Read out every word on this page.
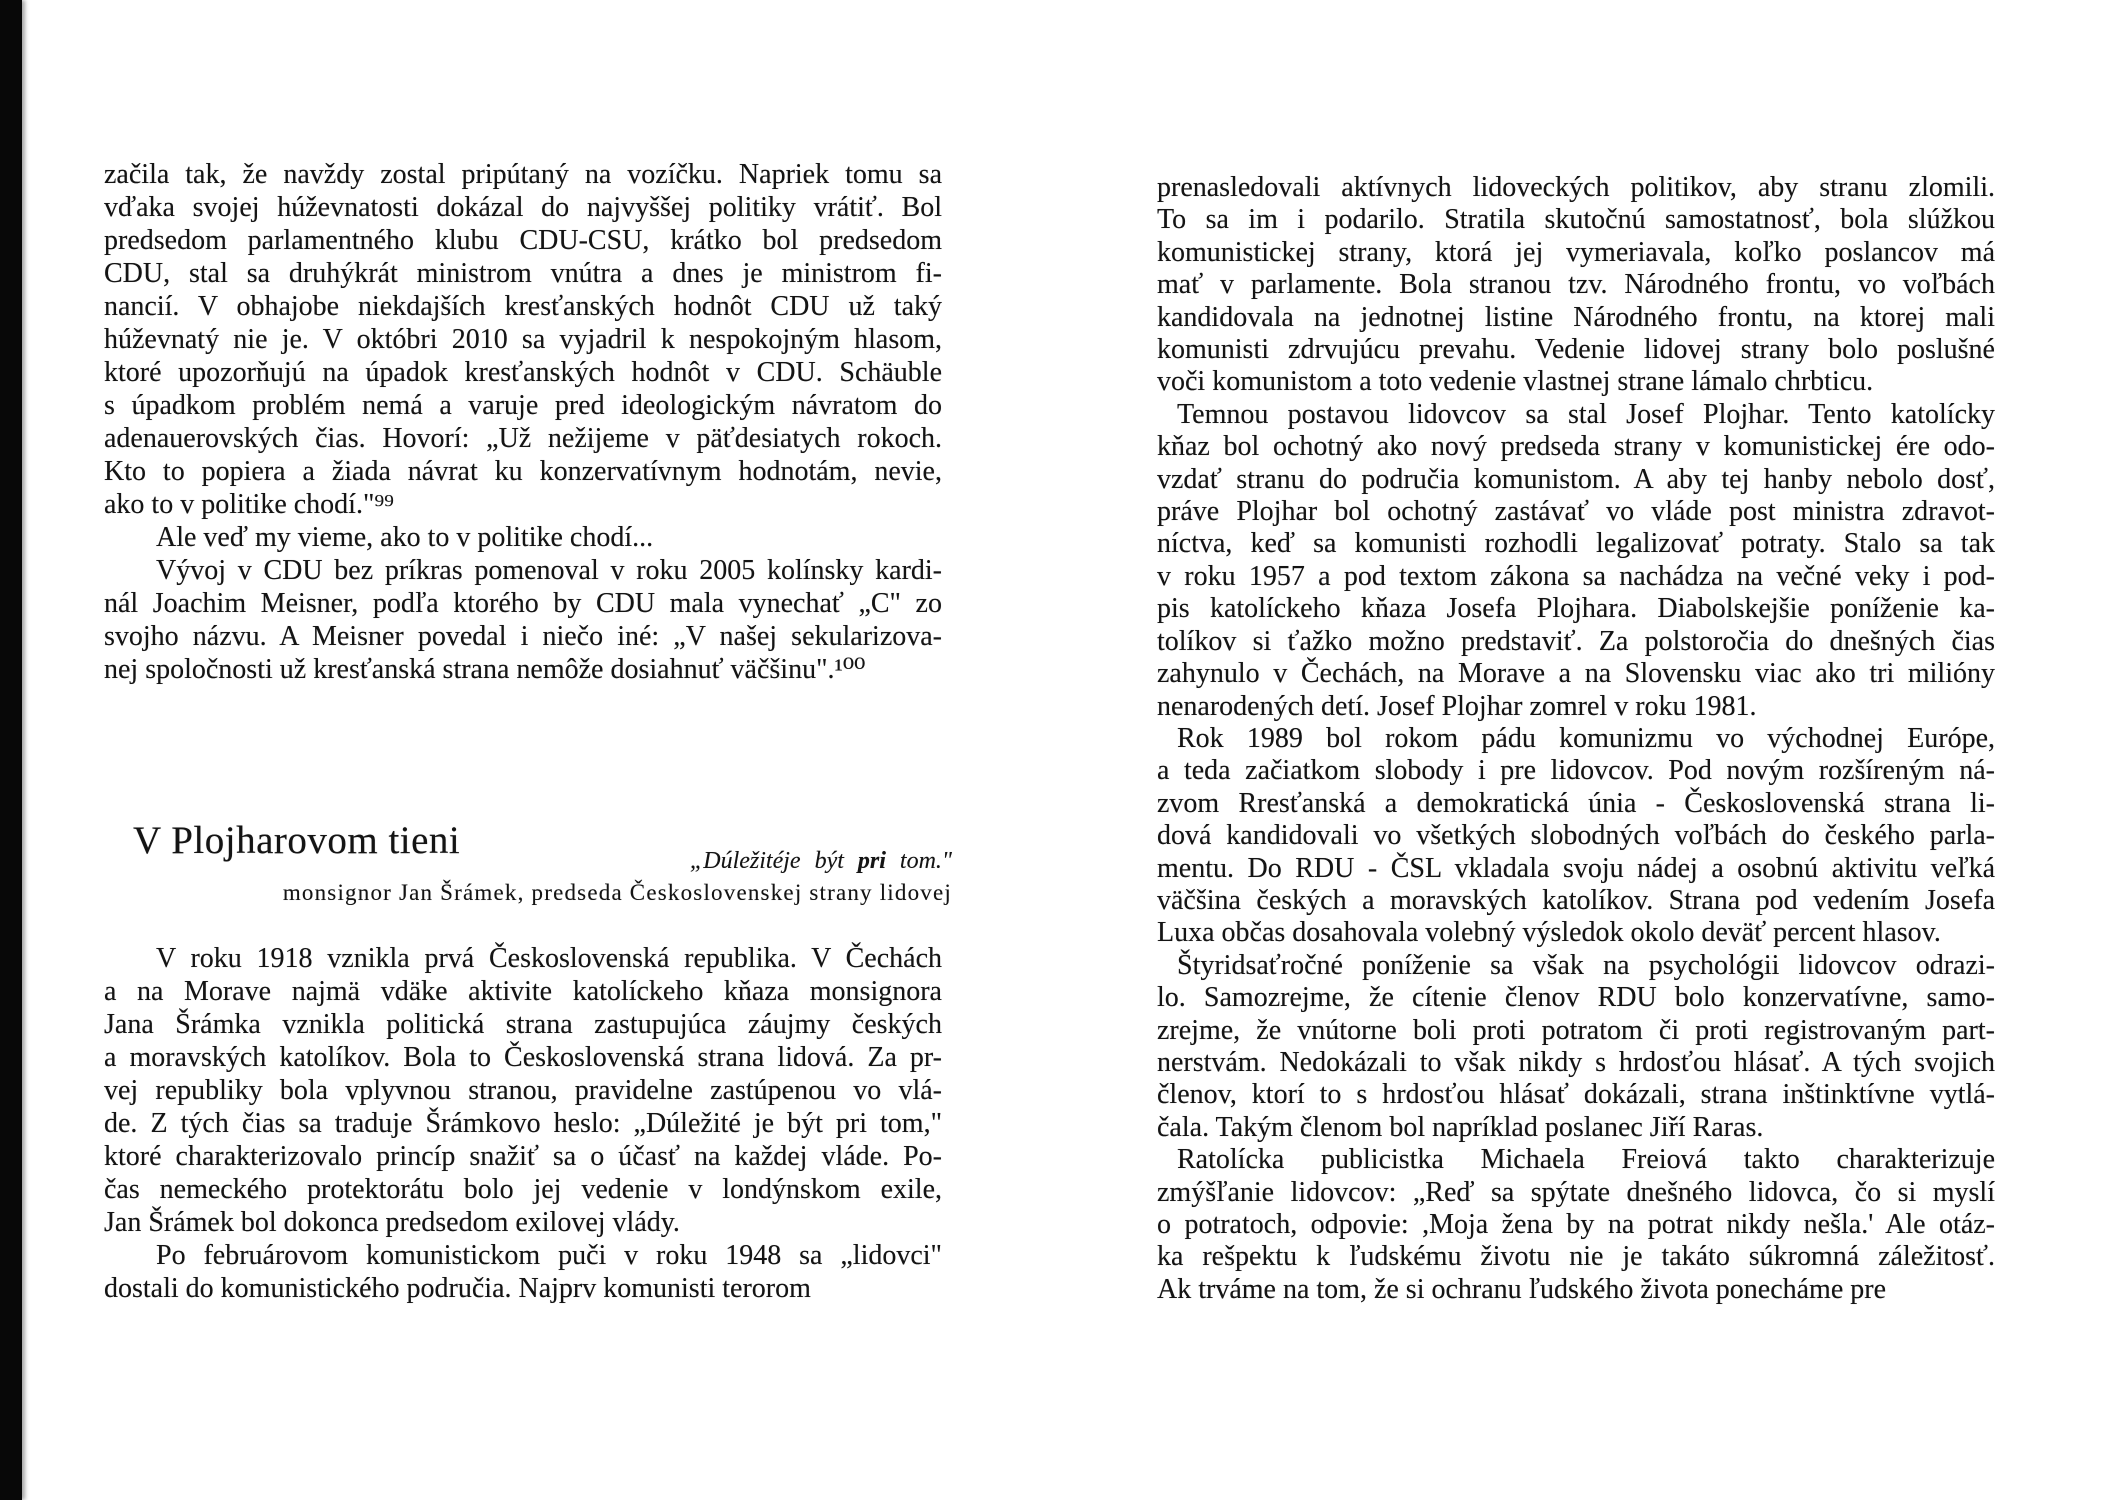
začila tak, že navždy zostal pripútaný na vozíčku. Napriek tomu sa
vďaka svojej húževnatosti dokázal do najvyššej politiky vrátiť. Bol
predsedom parlamentného klubu CDU-CSU, krátko bol predsedom
CDU, stal sa druhýkrát ministrom vnútra a dnes je ministrom fi-
nancií. V obhajobe niekdajších kresťanských hodnôt CDU už taký
húževnatý nie je. V októbri 2010 sa vyjadril k nespokojným hlasom,
ktoré upozorňujú na úpadok kresťanských hodnôt v CDU. Schäuble
s úpadkom problém nemá a varuje pred ideologickým návratom do
adenauerovských čias. Hovorí: „Už nežijeme v päťdesiatych rokoch.
Kto to popiera a žiada návrat ku konzervatívnym hodnotám, nevie,
ako to v politike chodí."⁹⁹
Ale veď my vieme, ako to v politike chodí...
Vývoj v CDU bez príkras pomenoval v roku 2005 kolínsky kardi-
nál Joachim Meisner, podľa ktorého by CDU mala vynechať „C" zo
svojho názvu. A Meisner povedal i niečo iné: „V našej sekularizova-
nej spoločnosti už kresťanská strana nemôže dosiahnuť väčšinu".¹⁰⁰
V Plojharovom tieni	„Dúležitéje být pri tom."
monsignor Jan Šrámek, predseda Československej strany lidovej
V roku 1918 vznikla prvá Československá republika. V Čechách
a na Morave najmä vdäke aktivite katolíckeho kňaza monsignora
Jana Šrámka vznikla politická strana zastupujúca záujmy českých
a moravských katolíkov. Bola to Československá strana lidová. Za pr-
vej republiky bola vplyvnou stranou, pravidelne zastúpenou vo vlá-
de. Z tých čias sa traduje Šrámkovo heslo: „Dúležité je být pri tom,"
ktoré charakterizovalo princíp snažiť sa o účasť na každej vláde. Po-
čas nemeckého protektorátu bolo jej vedenie v londýnskom exile,
Jan Šrámek bol dokonca predsedom exilovej vlády.
Po februárovom komunistickom puči v roku 1948 sa „lidovci"
dostali do komunistického područia. Najprv komunisti terorom
prenasledovali aktívnych lidoveckých politikov, aby stranu zlomili.
To sa im i podarilo. Stratila skutočnú samostatnosť, bola slúžkou
komunistickej strany, ktorá jej vymeriavala, koľko poslancov má
mať v parlamente. Bola stranou tzv. Národného frontu, vo voľbách
kandidovala na jednotnej listine Národného frontu, na ktorej mali
komunisti zdrvujúcu prevahu. Vedenie lidovej strany bolo poslušné
voči komunistom a toto vedenie vlastnej strane lámalo chrbticu.
Temnou postavou lidovcov sa stal Josef Plojhar. Tento katolícky
kňaz bol ochotný ako nový predseda strany v komunistickej ére odo-
vzdať stranu do područia komunistom. A aby tej hanby nebolo dosť,
práve Plojhar bol ochotný zastávať vo vláde post ministra zdravot-
níctva, keď sa komunisti rozhodli legalizovať potraty. Stalo sa tak
v roku 1957 a pod textom zákona sa nachádza na večné veky i pod-
pis katolíckeho kňaza Josefa Plojhara. Diabolskejšie poníženie ka-
tolíkov si ťažko možno predstaviť. Za polstoročia do dnešných čias
zahynulo v Čechách, na Morave a na Slovensku viac ako tri milióny
nenarodených detí. Josef Plojhar zomrel v roku 1981.
Rok 1989 bol rokom pádu komunizmu vo východnej Európe,
a teda začiatkom slobody i pre lidovcov. Pod novým rozšíreným ná-
zvom Rresťanská a demokratická únia - Československá strana li-
dová kandidovali vo všetkých slobodných voľbách do českého parla-
mentu. Do RDU - ČSL vkladala svoju nádej a osobnú aktivitu veľká
väčšina českých a moravských katolíkov. Strana pod vedením Josefa
Luxa občas dosahovala volebný výsledok okolo deväť percent hlasov.
Štyridsaťročné poníženie sa však na psychológii lidovcov odrazi-
lo. Samozrejme, že cítenie členov RDU bolo konzervatívne, samo-
zrejme, že vnútorne boli proti potratom či proti registrovaným part-
nerstvám. Nedokázali to však nikdy s hrdosťou hlásať. A tých svojich
členov, ktorí to s hrdosťou hlásať dokázali, strana inštinktívne vytlá-
čala. Takým členom bol napríklad poslanec Jiří Raras.
Ratolícka publicistka Michaela Freiová takto charakterizuje
zmýšľanie lidovcov: „Reď sa spýtate dnešného lidovca, čo si myslí
o potratoch, odpovie: ,Moja žena by na potrat nikdy nešla.' Ale otáz-
ka rešpektu k ľudskému životu nie je takáto súkromná záležitosť.
Ak trváme na tom, že si ochranu ľudského života ponecháme pre
